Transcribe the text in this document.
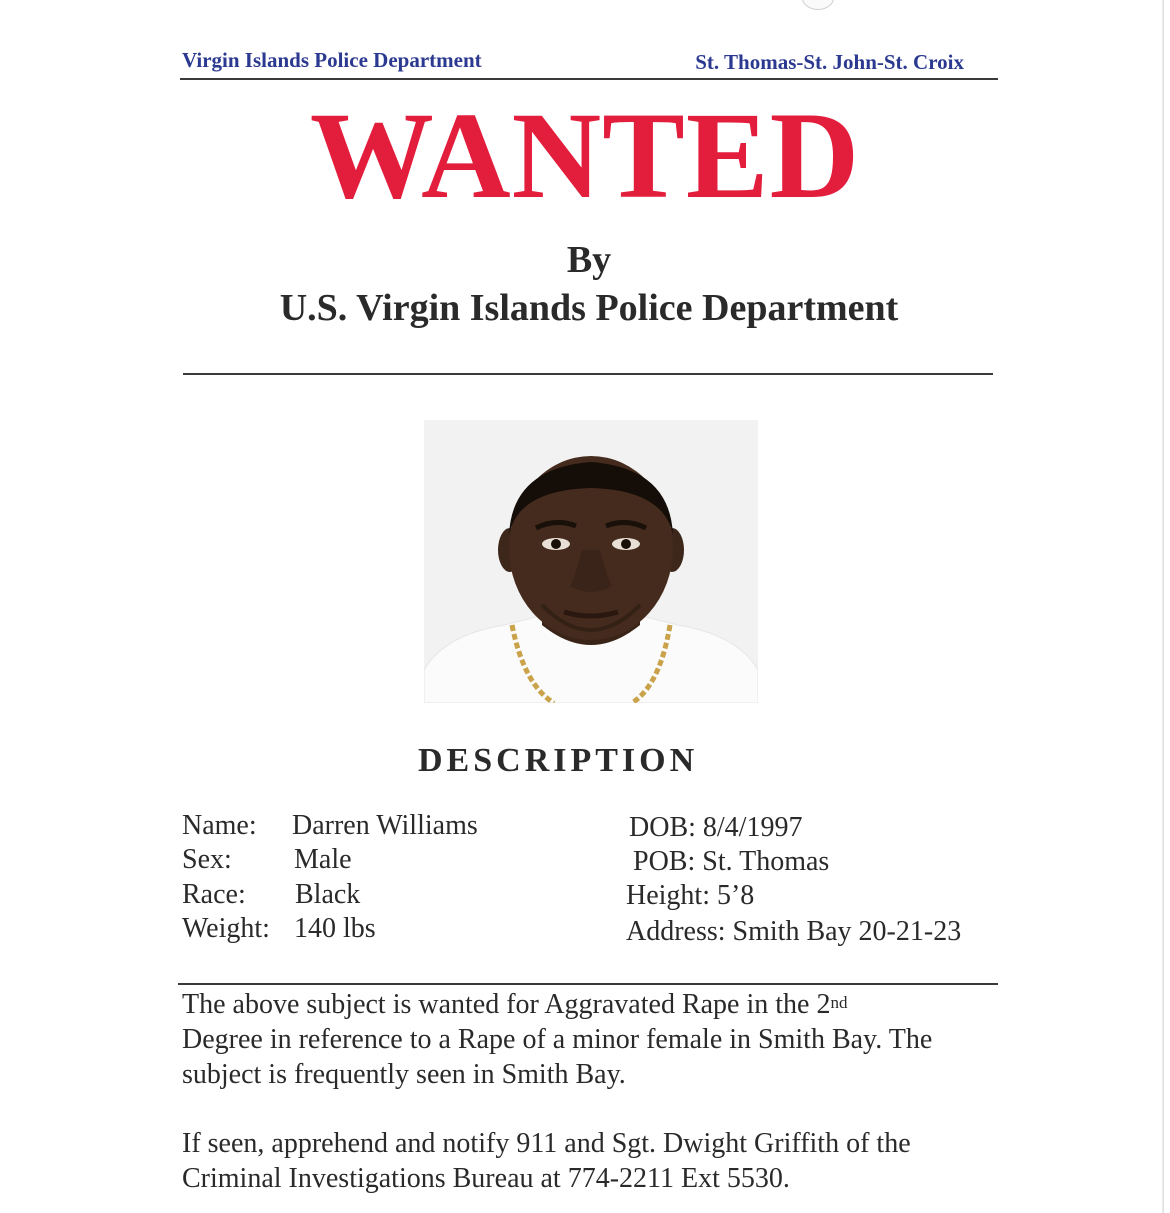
Virgin Islands Police Department	St. Thomas-St. John-St. Croix
WANTED
By
U.S. Virgin Islands Police Department
DESCRIPTION
Name: Darren Williams
Sex: Male
Race: Black
Weight: 140 lbs
DOB: 8/4/1997
POB: St. Thomas
Height: 5’8
Address: Smith Bay 20-21-23
The above subject is wanted for Aggravated Rape in the 2nd
Degree in reference to a Rape of a minor female in Smith Bay. The
subject is frequently seen in Smith Bay.
If seen, apprehend and notify 911 and Sgt. Dwight Griffith of the
Criminal Investigations Bureau at 774-2211 Ext 5530.
